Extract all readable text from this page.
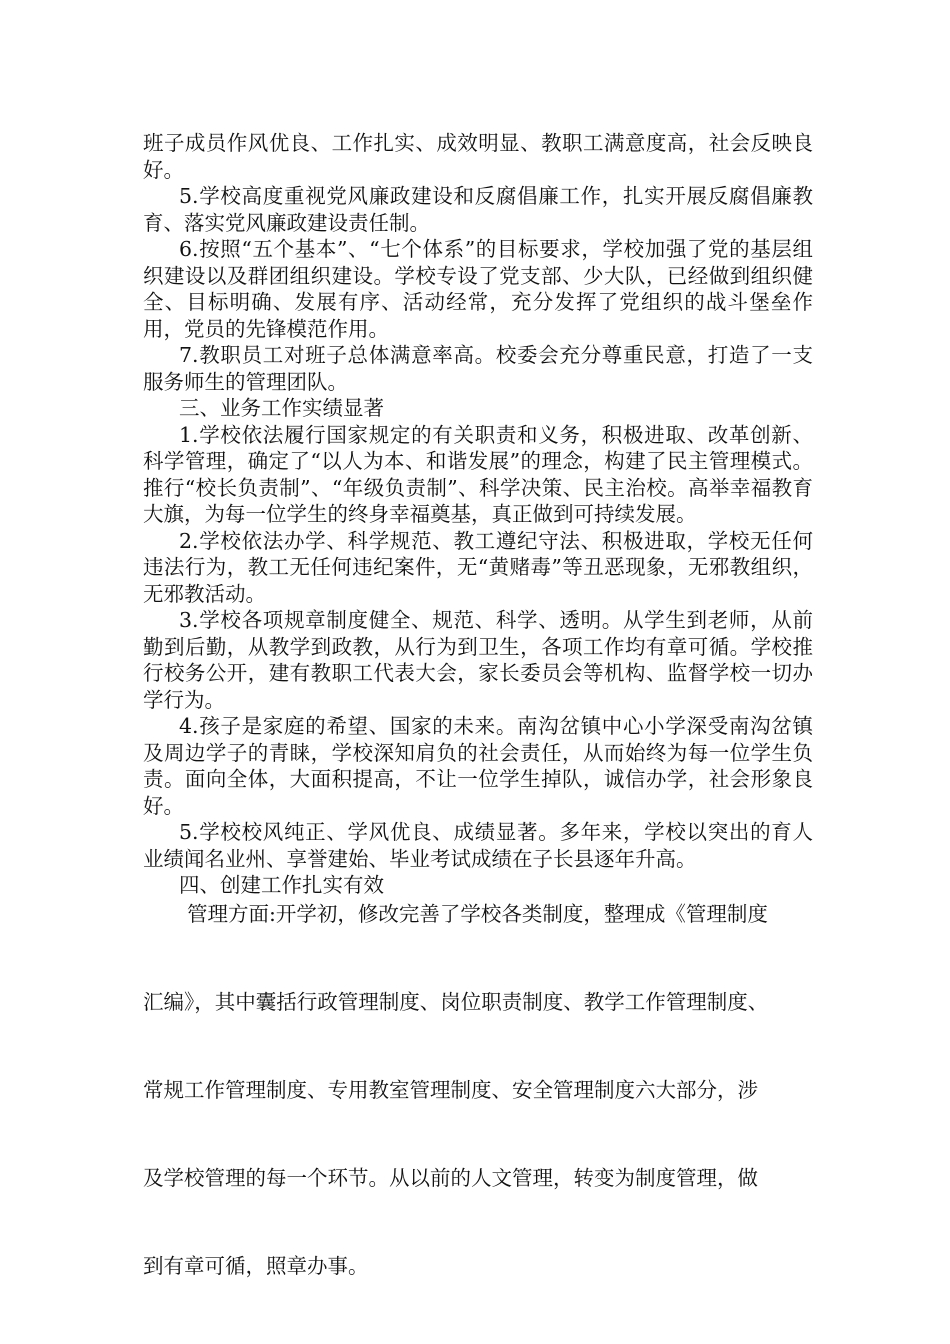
班子成员作风优良、工作扎实、成效明显、教职工满意度高，社会反映良好。

5.学校高度重视党风廉政建设和反腐倡廉工作，扎实开展反腐倡廉教育、落实党风廉政建设责任制。

6.按照“五个基本”、“七个体系”的目标要求，学校加强了党的基层组织建设以及群团组织建设。学校专设了党支部、少大队，已经做到组织健全、目标明确、发展有序、活动经常，充分发挥了党组织的战斗堡垒作用，党员的先锋模范作用。

7.教职员工对班子总体满意率高。校委会充分尊重民意，打造了一支服务师生的管理团队。

三、业务工作实绩显著

1.学校依法履行国家规定的有关职责和义务，积极进取、改革创新、科学管理，确定了“以人为本、和谐发展”的理念，构建了民主管理模式。推行“校长负责制”、“年级负责制”、科学决策、民主治校。高举幸福教育大旗，为每一位学生的终身幸福奠基，真正做到可持续发展。

2.学校依法办学、科学规范、教工遵纪守法、积极进取，学校无任何违法行为，教工无任何违纪案件，无“黄赌毒”等丑恶现象，无邪教组织，无邪教活动。

3.学校各项规章制度健全、规范、科学、透明。从学生到老师，从前勤到后勤，从教学到政教，从行为到卫生，各项工作均有章可循。学校推行校务公开，建有教职工代表大会，家长委员会等机构、监督学校一切办学行为。

4.孩子是家庭的希望、国家的未来。南沟岔镇中心小学深受南沟岔镇及周边学子的青睐，学校深知肩负的社会责任，从而始终为每一位学生负责。面向全体，大面积提高，不让一位学生掉队，诚信办学，社会形象良好。

5.学校校风纯正、学风优良、成绩显著。多年来，学校以突出的育人业绩闻名业州、享誉建始、毕业考试成绩在子长县逐年升高。

四、创建工作扎实有效

管理方面:开学初，修改完善了学校各类制度，整理成《管理制度

汇编》，其中囊括行政管理制度、岗位职责制度、教学工作管理制度、

常规工作管理制度、专用教室管理制度、安全管理制度六大部分，涉

及学校管理的每一个环节。从以前的人文管理，转变为制度管理，做

到有章可循，照章办事。
